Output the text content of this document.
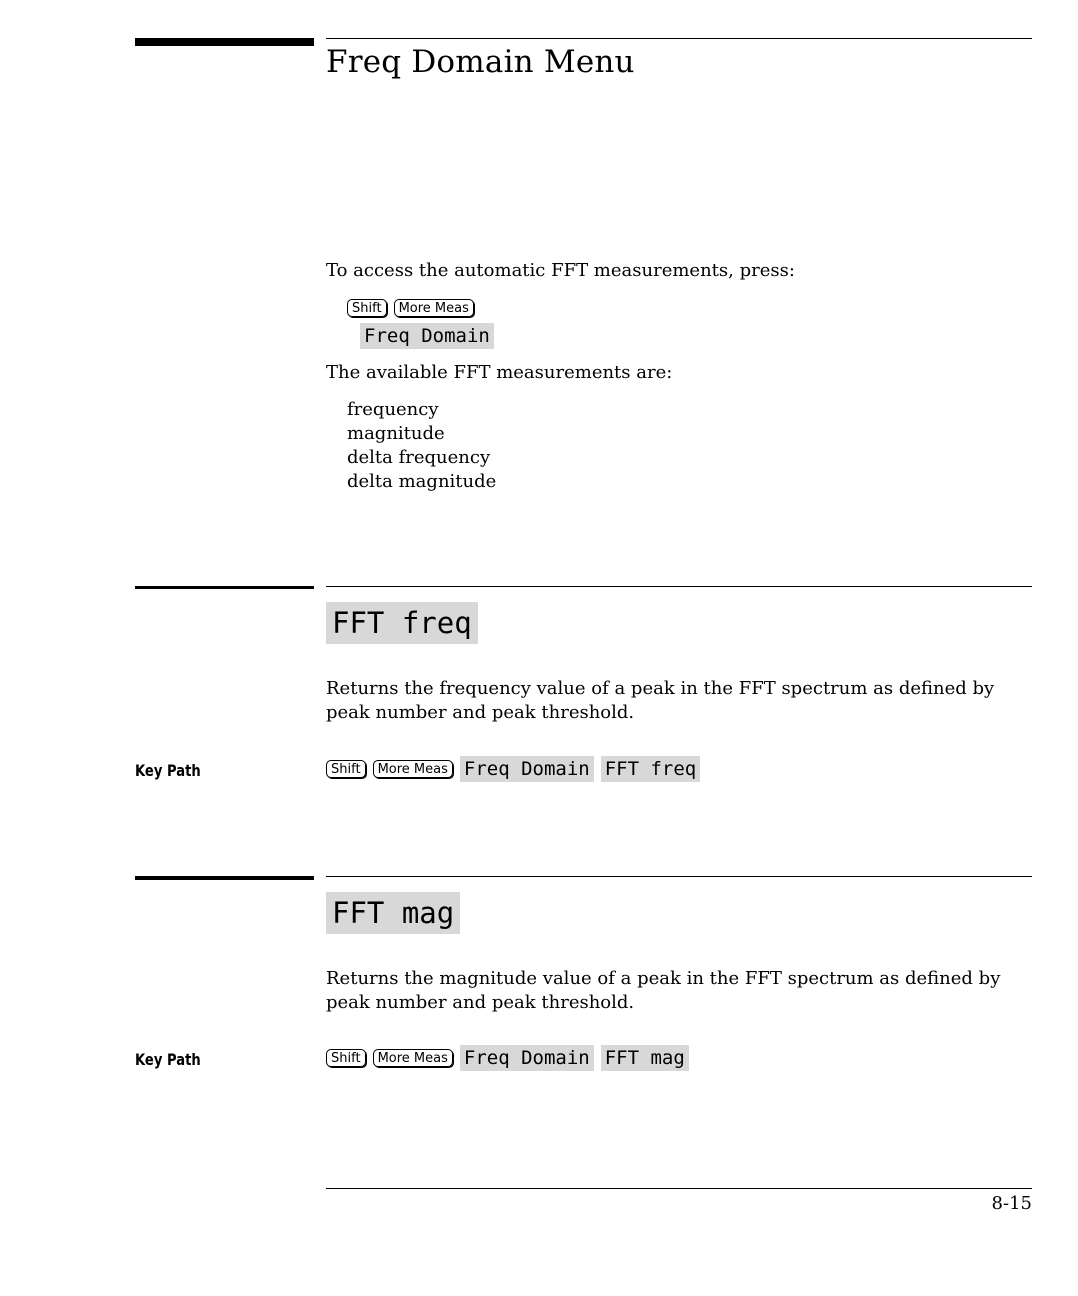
Freq Domain Menu

To access the automatic FFT measurements, press:

Shift	More Meas
Freq Domain

The available FFT measurements are:

frequency
magnitude
delta frequency
delta magnitude
FFT freq

Returns the frequency value of a peak in the FFT spectrum as defined by

peak number and peak threshold.

Key Path	Shift	More Meas Freq Domain FFT freq
FFT mag

Returns the magnitude value of a peak in the FFT spectrum as defined by

peak number and peak threshold.

Key Path	Shift	More Meas Freq Domain FFT mag
8-15
